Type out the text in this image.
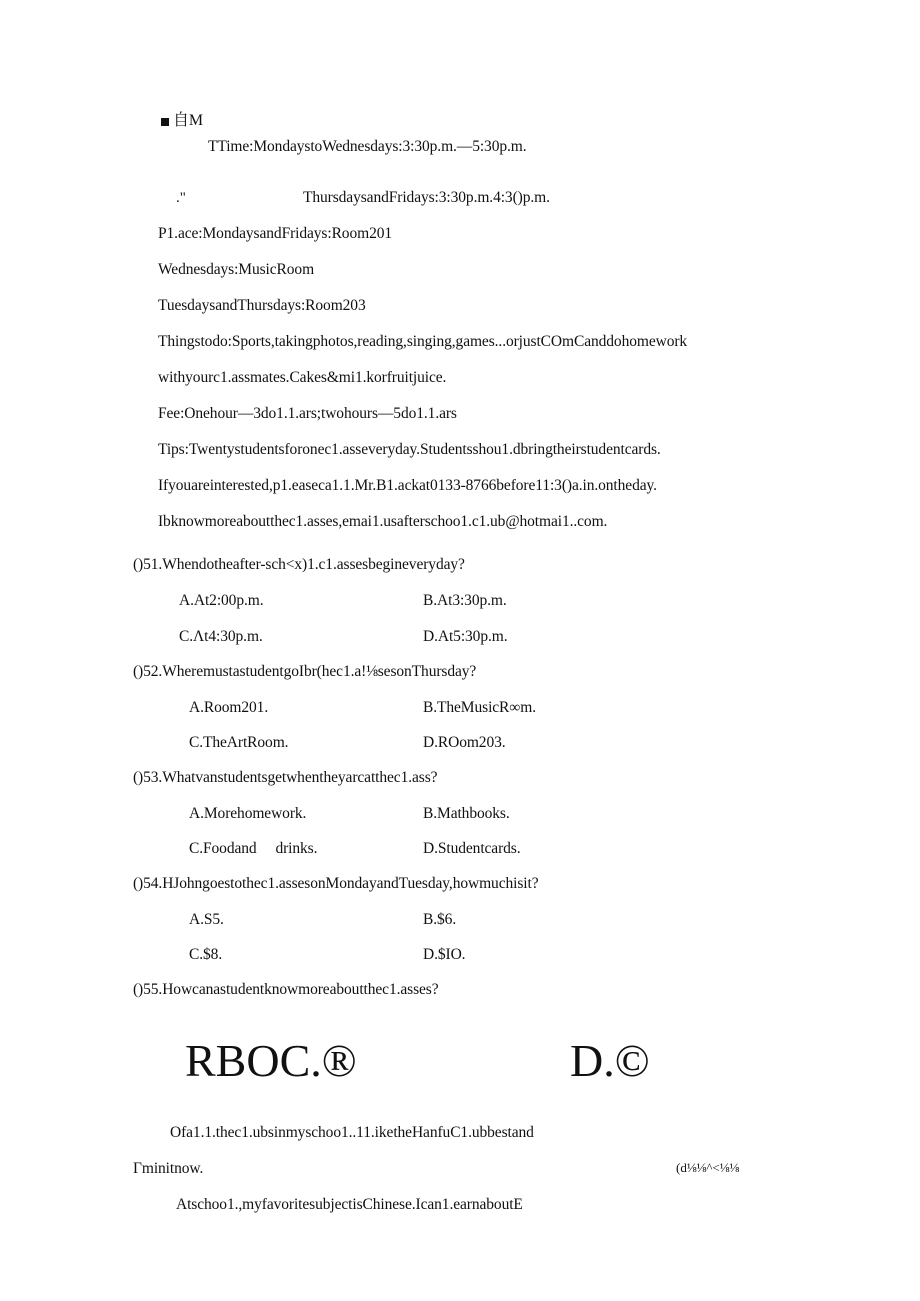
自M
TTime:MondaystoWednesdays:3:30p.m.—5:30p.m.
."	ThursdaysandFridays:3:30p.m.4:3()p.m.
P1.ace:MondaysandFridays:Room201
Wednesdays:MusicRoom
TuesdaysandThursdays:Room203
Thingstodo:Sports,takingphotos,reading,singing,games...orjustCOmCanddohomework
withyourc1.assmates.Cakes&mi1.korfruitjuice.
Fee:Onehour—3do1.1.ars;twohours—5do1.1.ars
Tips:Twentystudentsforonec1.asseveryday.Studentsshou1.dbringtheirstudentcards.
Ifyouareinterested,p1.easeca1.1.Mr.B1.ackat0133-8766before11:3()a.in.ontheday.
Ibknowmoreaboutthec1.asses,emai1.usafterschoo1.c1.ub@hotmai1..com.
()51.Whendotheafter-sch<x)1.c1.assesbegineveryday?
A.At2:00p.m.	B.At3:30p.m.
C.Λt4:30p.m.	D.At5:30p.m.
()52.WheremustastudentgoIbr(hec1.a!⅛sesonThursday?
A.Room201.	B.TheMusicR∞m.
C.TheArtRoom.	D.ROom203.
()53.Whatvanstudentsgetwhentheyarcatthec1.ass?
A.Morehomework.	B.Mathbooks.
C.Foodand     drinks.	D.Studentcards.
()54.HJohngoestothec1.assesonMondayandTuesday,howmuchisit?
A.S5.	B.$6.
C.$8.	D.$IO.
()55.Howcanastudentknowmoreaboutthec1.asses?
RBOC.®	D.©
Ofa1.1.thec1.ubsinmyschoo1..11.iketheHanfuC1.ubbestand
Γminitnow.	(d⅛⅛^<⅛⅛
Atschoo1.,myfavoritesubjectisChinese.Ican1.earnaboutE
